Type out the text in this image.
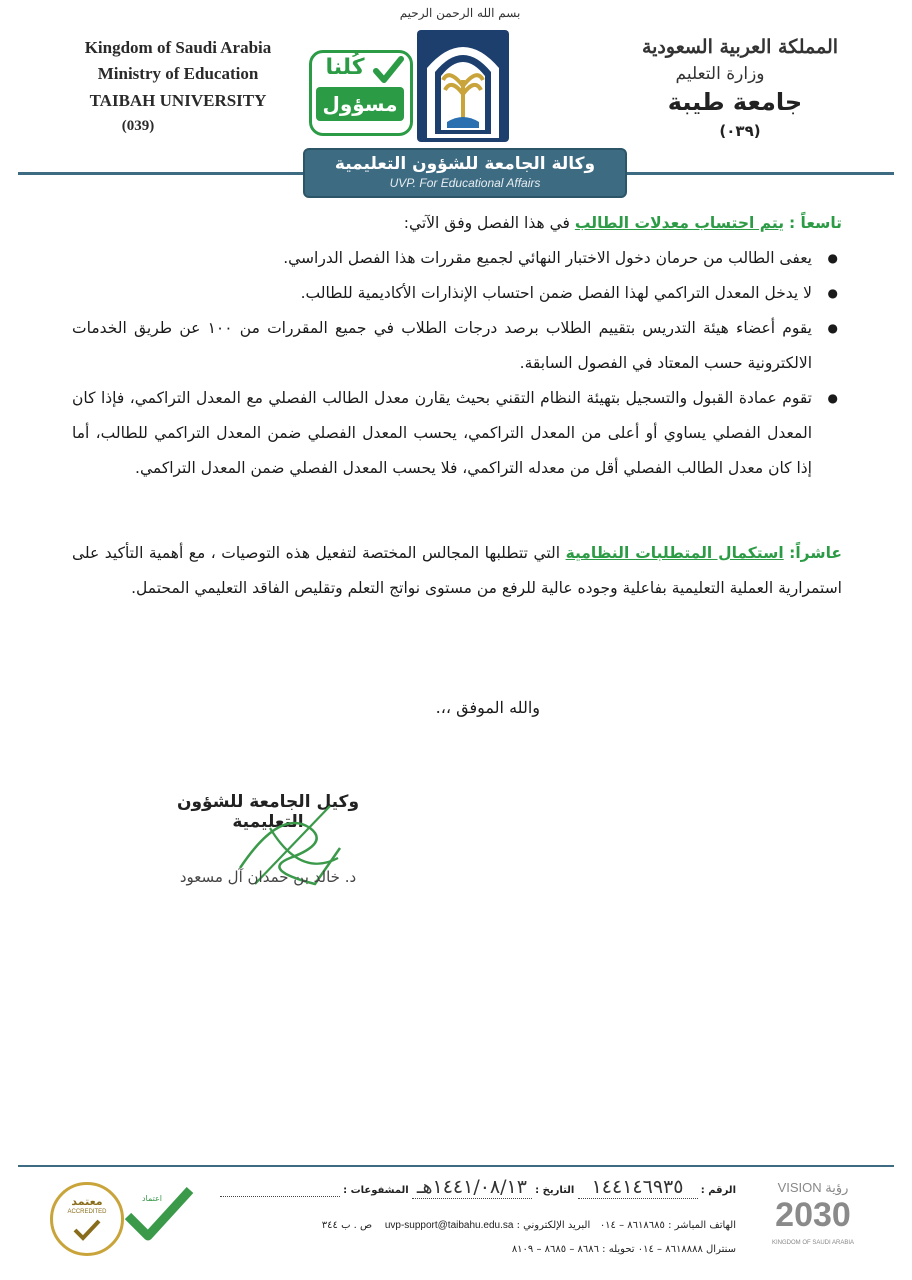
بسم الله الرحمن الرحيم
Kingdom of Saudi Arabia
Ministry of Education
TAIBAH UNIVERSITY
(039)
كُلنا
مسؤول
المملكة العربية السعودية
وزارة التعليم
جامعة طيبة
(٠٣٩)
وكالة الجامعة للشؤون التعليمية
UVP. For Educational Affairs
تاسعاً : يتم احتساب معدلات الطالب في هذا الفصل وفق الآتي:
● يعفى الطالب من حرمان دخول الاختبار النهائي لجميع مقررات هذا الفصل الدراسي.
● لا يدخل المعدل التراكمي لهذا الفصل ضمن احتساب الإنذارات الأكاديمية للطالب.
● يقوم أعضاء هيئة التدريس بتقييم الطلاب برصد درجات الطلاب في جميع المقررات من ١٠٠ عن طريق الخدمات الالكترونية حسب المعتاد في الفصول السابقة.
● تقوم عمادة القبول والتسجيل بتهيئة النظام التقني بحيث يقارن معدل الطالب الفصلي مع المعدل التراكمي، فإذا كان المعدل الفصلي يساوي أو أعلى من المعدل التراكمي، يحسب المعدل الفصلي ضمن المعدل التراكمي للطالب، أما إذا كان معدل الطالب الفصلي أقل من معدله التراكمي، فلا يحسب المعدل الفصلي ضمن المعدل التراكمي.
عاشراً: استكمال المتطلبات النظامية التي تتطلبها المجالس المختصة لتفعيل هذه التوصيات ، مع أهمية التأكيد على استمرارية العملية التعليمية بفاعلية وجوده عالية للرفع من مستوى نواتج التعلم وتقليص الفاقد التعليمي المحتمل.
والله الموفق ،،.
وكيل الجامعة للشؤون التعليمية
د. خالد بن حمدان آل مسعود
VISION رؤية
2030
KINGDOM OF SAUDI ARABIA
الرقم : ١٤٤١٤٦٩٣٥ التاريخ : ١٤٤١/٠٨/١٣هـ المشفوعات :
الهاتف المباشر : ٨٦١٨٦٨٥ – ٠١٤   البريد الإلكتروني : uvp-support@taibahu.edu.sa    ص . ب ٣٤٤
سنترال ٨٦١٨٨٨٨ – ٠١٤ تحويله : ٨٦٨٦ – ٨٦٨٥ – ٨١٠٩
اعتماد
معتمد
ACCREDITED
